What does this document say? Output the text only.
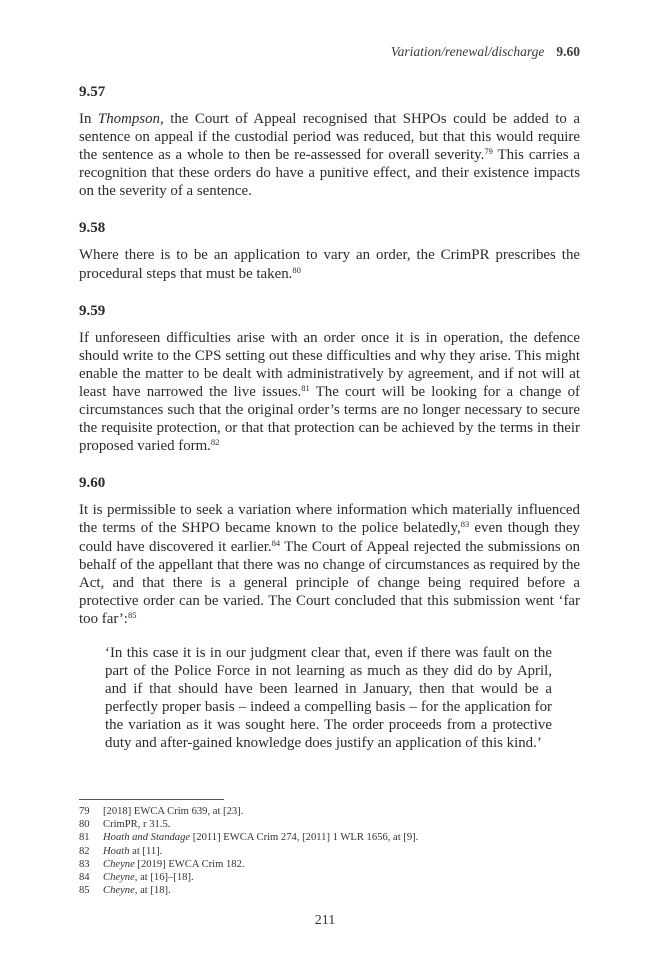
Variation/renewal/discharge 9.60

9.57

In Thompson, the Court of Appeal recognised that SHPOs could be added to a sentence on appeal if the custodial period was reduced, but that this would require the sentence as a whole to then be re-assessed for overall severity.$^{79}$ This carries a recognition that these orders do have a punitive effect, and their existence impacts on the severity of a sentence.

9.58

Where there is to be an application to vary an order, the CrimPR prescribes the procedural steps that must be taken.$^{80}$

9.59

If unforeseen difficulties arise with an order once it is in operation, the defence should write to the CPS setting out these difficulties and why they arise. This might enable the matter to be dealt with administratively by agreement, and if not will at least have narrowed the live issues.$^{81}$ The court will be looking for a change of circumstances such that the original order’s terms are no longer necessary to secure the requisite protection, or that that protection can be achieved by the terms in their proposed varied form.$^{82}$

9.60

It is permissible to seek a variation where information which materially influenced the terms of the SHPO became known to the police belatedly,$^{83}$ even though they could have discovered it earlier.$^{84}$ The Court of Appeal rejected the submissions on behalf of the appellant that there was no change of circumstances as required by the Act, and that there is a general principle of change being required before a protective order can be varied. The Court concluded that this submission went ‘far too far’:$^{85}$

‘In this case it is in our judgment clear that, even if there was fault on the part of the Police Force in not learning as much as they did do by April, and if that should have been learned in January, then that would be a perfectly proper basis – indeed a compelling basis – for the application for the variation as it was sought here. The order proceeds from a protective duty and after-gained knowledge does justify an application of this kind.’

79 [2018] EWCA Crim 639, at [23].
80 CrimPR, r 31.5.
81 Hoath and Standage [2011] EWCA Crim 274, [2011] 1 WLR 1656, at [9].
82 Hoath at [11].
83 Cheyne [2019] EWCA Crim 182.
84 Cheyne, at [16]–[18].
85 Cheyne, at [18].
211
